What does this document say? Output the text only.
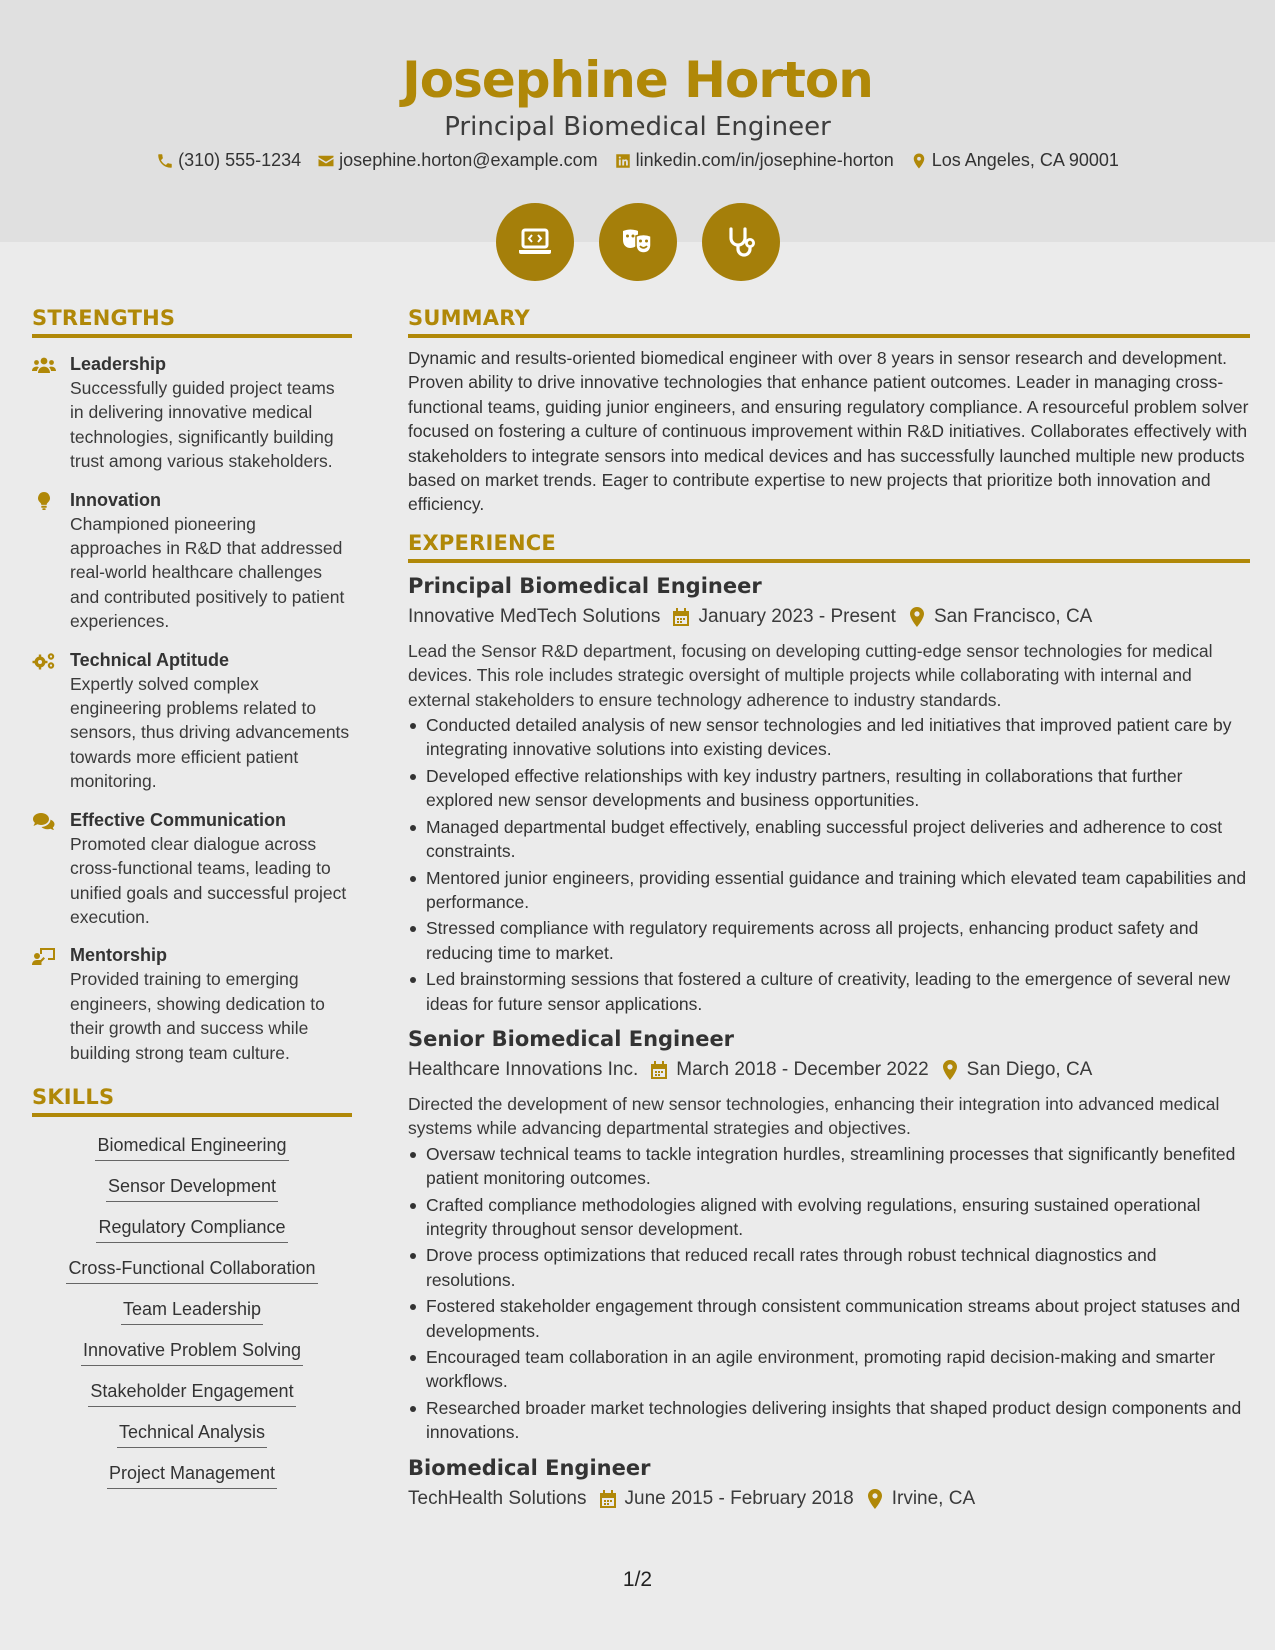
Josephine Horton
Principal Biomedical Engineer
(310) 555-1234 josephine.horton@example.com linkedin.com/in/josephine-horton Los Angeles, CA 90001
STRENGTHS
Leadership
Successfully guided project teams in delivering innovative medical technologies, significantly building trust among various stakeholders.
Innovation
Championed pioneering approaches in R&D that addressed real-world healthcare challenges and contributed positively to patient experiences.
Technical Aptitude
Expertly solved complex engineering problems related to sensors, thus driving advancements towards more efficient patient monitoring.
Effective Communication
Promoted clear dialogue across cross-functional teams, leading to unified goals and successful project execution.
Mentorship
Provided training to emerging engineers, showing dedication to their growth and success while building strong team culture.
SKILLS
Biomedical Engineering
Sensor Development
Regulatory Compliance
Cross-Functional Collaboration
Team Leadership
Innovative Problem Solving
Stakeholder Engagement
Technical Analysis
Project Management
SUMMARY
Dynamic and results-oriented biomedical engineer with over 8 years in sensor research and development. Proven ability to drive innovative technologies that enhance patient outcomes. Leader in managing cross-functional teams, guiding junior engineers, and ensuring regulatory compliance. A resourceful problem solver focused on fostering a culture of continuous improvement within R&D initiatives. Collaborates effectively with stakeholders to integrate sensors into medical devices and has successfully launched multiple new products based on market trends. Eager to contribute expertise to new projects that prioritize both innovation and efficiency.
EXPERIENCE
Principal Biomedical Engineer
Innovative MedTech Solutions January 2023 - Present San Francisco, CA
Lead the Sensor R&D department, focusing on developing cutting-edge sensor technologies for medical devices. This role includes strategic oversight of multiple projects while collaborating with internal and external stakeholders to ensure technology adherence to industry standards.
Conducted detailed analysis of new sensor technologies and led initiatives that improved patient care by integrating innovative solutions into existing devices.
Developed effective relationships with key industry partners, resulting in collaborations that further explored new sensor developments and business opportunities.
Managed departmental budget effectively, enabling successful project deliveries and adherence to cost constraints.
Mentored junior engineers, providing essential guidance and training which elevated team capabilities and performance.
Stressed compliance with regulatory requirements across all projects, enhancing product safety and reducing time to market.
Led brainstorming sessions that fostered a culture of creativity, leading to the emergence of several new ideas for future sensor applications.
Senior Biomedical Engineer
Healthcare Innovations Inc. March 2018 - December 2022 San Diego, CA
Directed the development of new sensor technologies, enhancing their integration into advanced medical systems while advancing departmental strategies and objectives.
Oversaw technical teams to tackle integration hurdles, streamlining processes that significantly benefited patient monitoring outcomes.
Crafted compliance methodologies aligned with evolving regulations, ensuring sustained operational integrity throughout sensor development.
Drove process optimizations that reduced recall rates through robust technical diagnostics and resolutions.
Fostered stakeholder engagement through consistent communication streams about project statuses and developments.
Encouraged team collaboration in an agile environment, promoting rapid decision-making and smarter workflows.
Researched broader market technologies delivering insights that shaped product design components and innovations.
Biomedical Engineer
TechHealth Solutions June 2015 - February 2018 Irvine, CA
1/2
